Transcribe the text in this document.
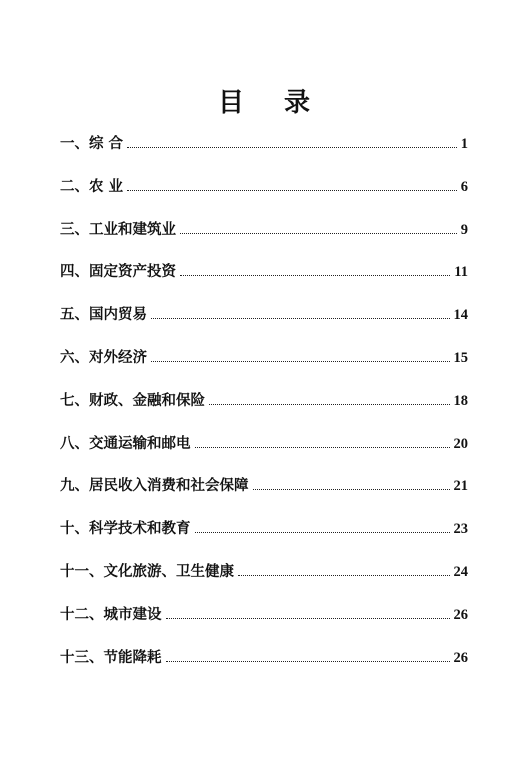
目 录
一、综 合	1
二、农 业	6
三、工业和建筑业	9
四、固定资产投资	11
五、国内贸易	14
六、对外经济	15
七、财政、金融和保险	18
八、交通运输和邮电	20
九、居民收入消费和社会保障	21
十、科学技术和教育	23
十一、文化旅游、卫生健康	24
十二、城市建设	26
十三、节能降耗	26
